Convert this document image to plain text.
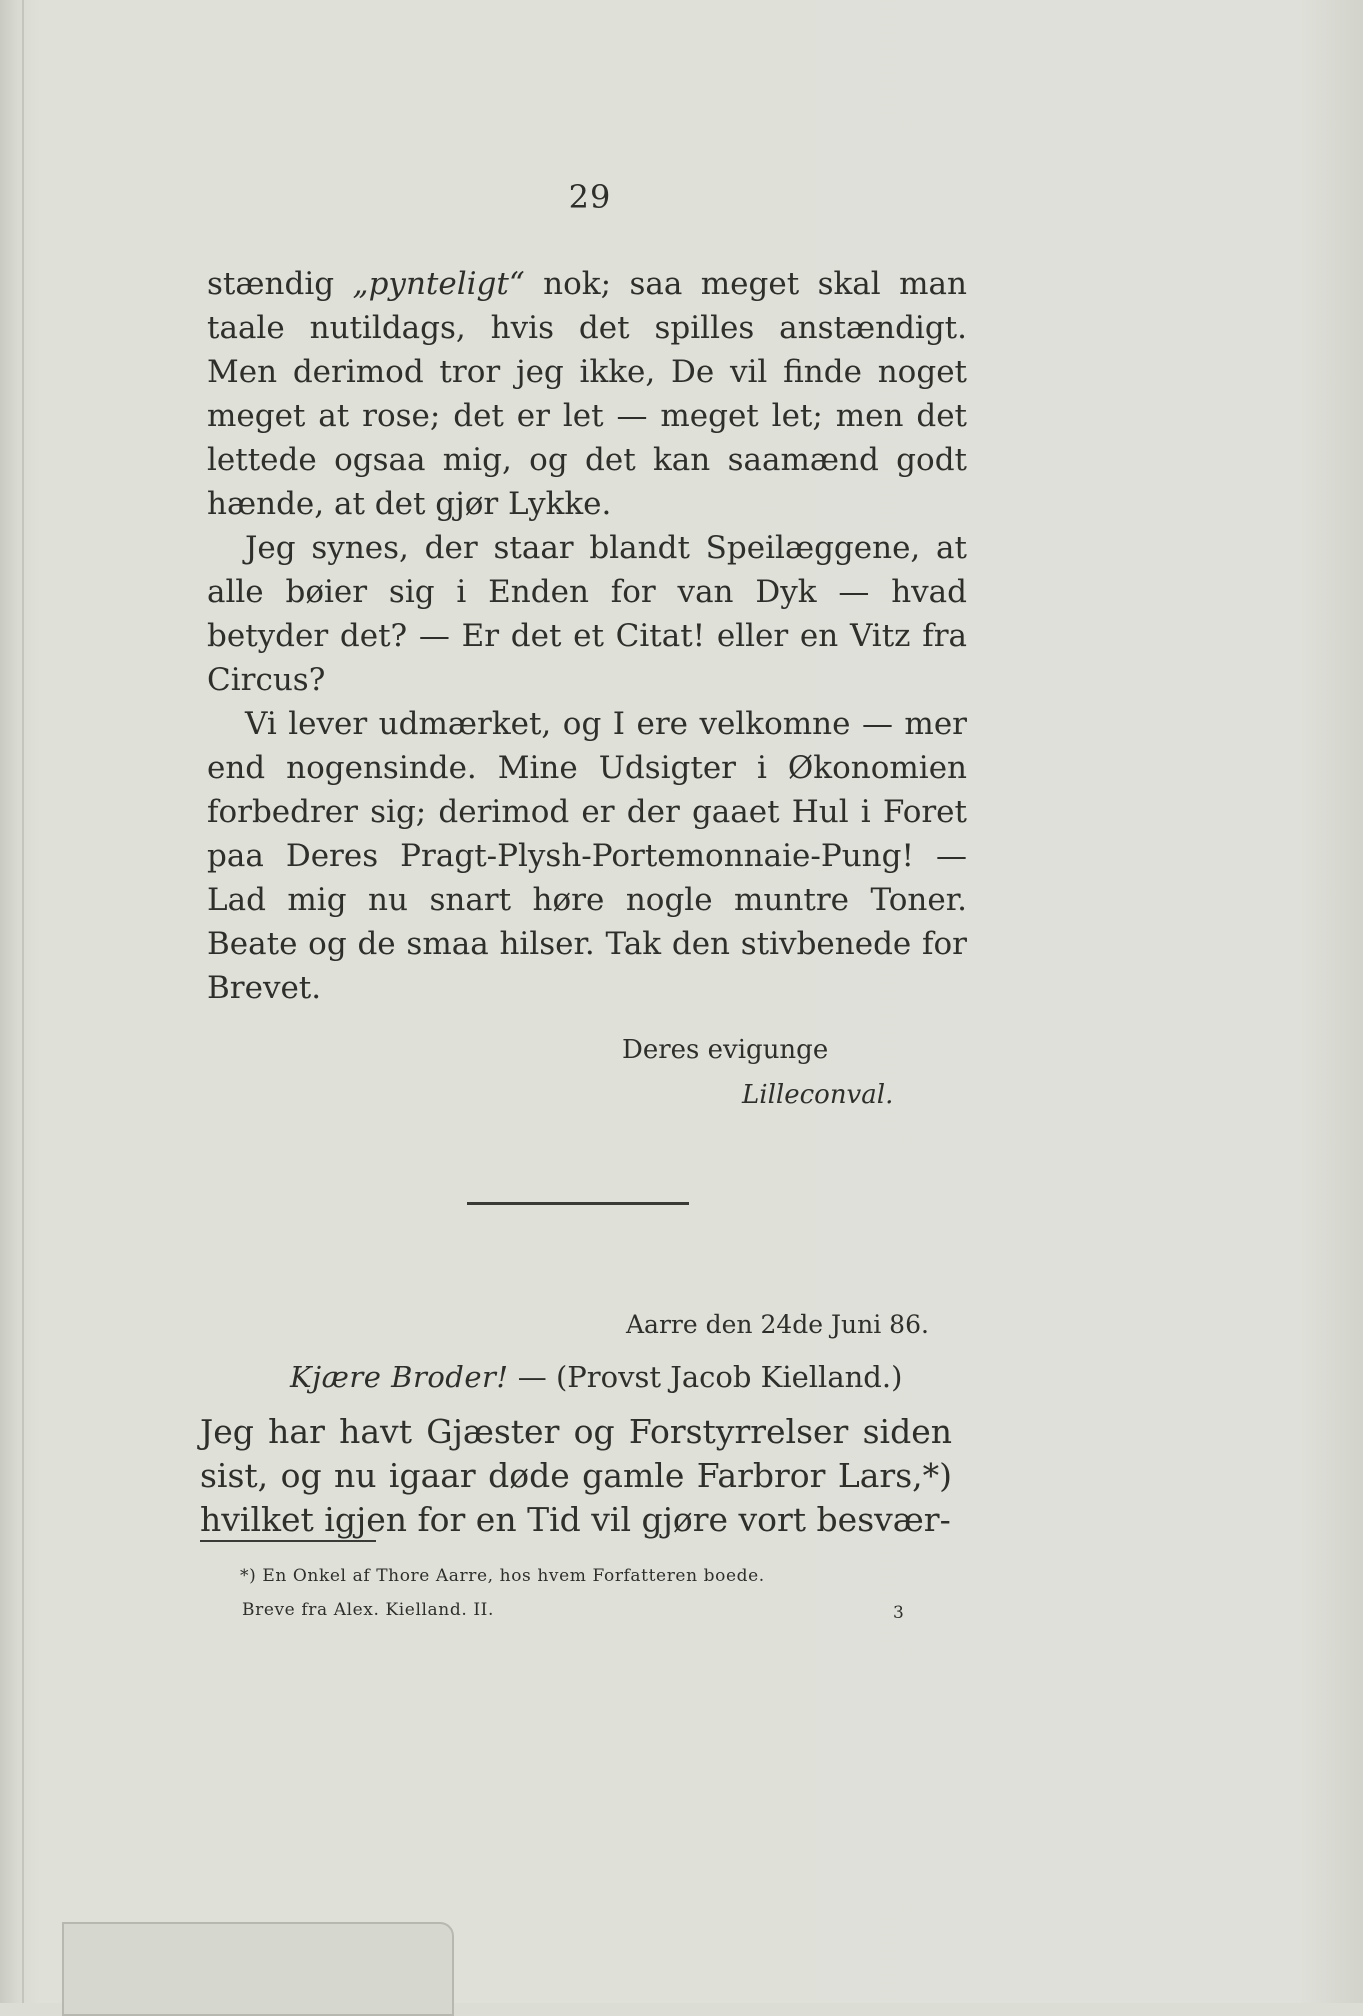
29

stændig „pynteligt“ nok; saa meget skal man taale nutildags, hvis det spilles anstændigt. Men derimod tror jeg ikke, De vil finde noget meget at rose; det er let — meget let; men det lettede ogsaa mig, og det kan saamænd godt hænde, at det gjør Lykke.

Jeg synes, der staar blandt Speilæggene, at alle bøier sig i Enden for van Dyk — hvad betyder det? — Er det et Citat! eller en Vitz fra Circus?

Vi lever udmærket, og I ere velkomne — mer end nogensinde. Mine Udsigter i Økonomien forbedrer sig; derimod er der gaaet Hul i Foret paa Deres Pragt-Plysh-Portemonnaie-Pung! — Lad mig nu snart høre nogle muntre Toner. Beate og de smaa hilser. Tak den stivbenede for Brevet.

Deres evigunge
Lilleconval.
Aarre den 24de Juni 86.
Kjære Broder! — (Provst Jacob Kielland.)

Jeg har havt Gjæster og Forstyrrelser siden sist, og nu igaar døde gamle Farbror Lars,*) hvilket igjen for en Tid vil gjøre vort besvær-

*) En Onkel af Thore Aarre, hos hvem Forfatteren boede.
Breve fra Alex. Kielland. II.	3
